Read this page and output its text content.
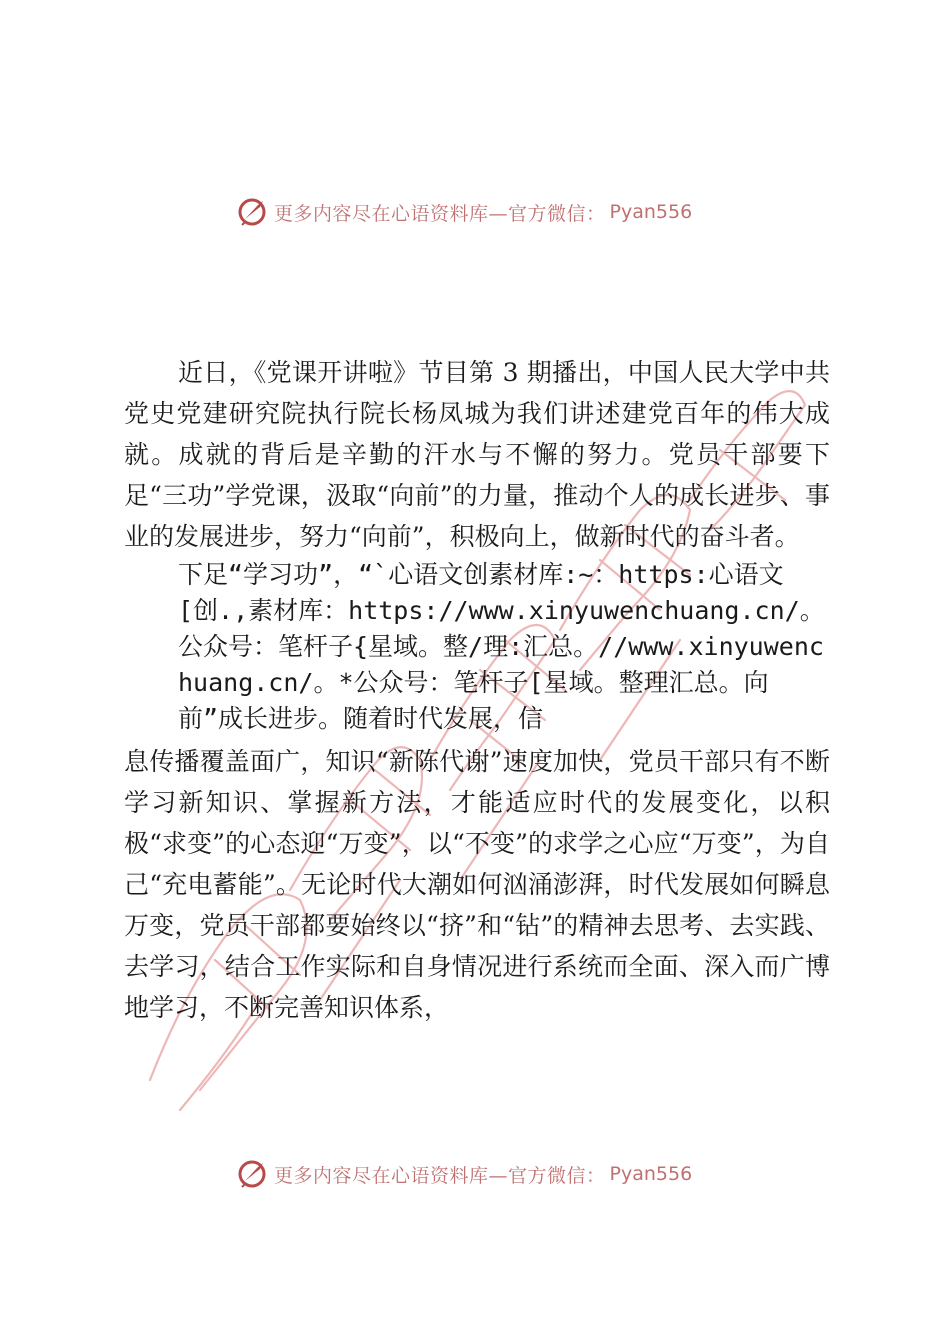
更多内容尽在心语资料库—官方微信： Pyan556

近日，《党课开讲啦》节目第 3 期播出，中国人民大学中共党史党建研究院执行院长杨凤城为我们讲述建党百年的伟大成就。成就的背后是辛勤的汗水与不懈的努力。党员干部要下足“三功”学党课，汲取“向前”的力量，推动个人的成长进步、事业的发展进步，努力“向前”，积极向上，做新时代的奋斗者。

下足“学习功”，“`心语文创素材库:~：https:心语文[创.,素材库：https://www.xinyuwenchuang.cn/。公众号：笔杆子{星域。整/理:汇总。//www.xinyuwenchuang.cn/。*公众号：笔杆子[星域。整理汇总。向前”成长进步。随着时代发展，信

息传播覆盖面广，知识“新陈代谢”速度加快，党员干部只有不断学习新知识、掌握新方法，才能适应时代的发展变化，以积极“求变”的心态迎“万变”，以“不变”的求学之心应“万变”，为自己“充电蓄能”。无论时代大潮如何汹涌澎湃，时代发展如何瞬息万变，党员干部都要始终以“挤”和“钻”的精神去思考、去实践、去学习，结合工作实际和自身情况进行系统而全面、深入而广博地学习，不断完善知识体系，

更多内容尽在心语资料库—官方微信： Pyan556
